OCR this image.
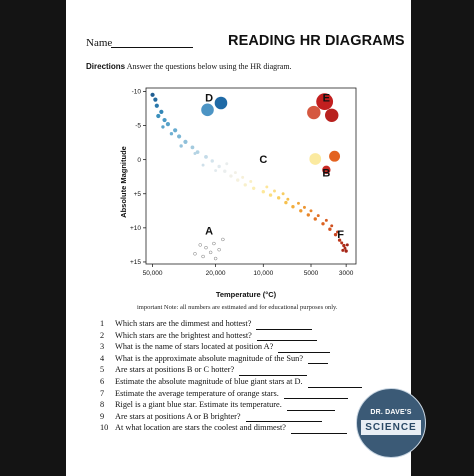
Name	READING HR DIAGRAMS
Directions Answer the questions below using the HR diagram.
-10
-5
0
+5
+10
+15
50,000	20,000	10,000	5000	3000
A
B
C
D	E
F
Temperature (°C)
Absolute Magnitude
important Note: all numbers are estimated and for educational purposes only.
1	Which stars are the dimmest and hottest?
2	Which stars are the brightest and hottest?
3	What is the name of stars located at position A?
4	What is the approximate absolute magnitude of the Sun?
5	Are stars at positions B or C hotter?
6	Estimate the absolute magnitude of blue giant stars at D.
7	Estimate the average temperature of orange stars.
8	Rigel is a giant blue star. Estimate its temperature.
9	Are stars at positions A or B brighter?
10 At what location are stars the coolest and dimmest?
DR. DAVE'S
SCIENCE
